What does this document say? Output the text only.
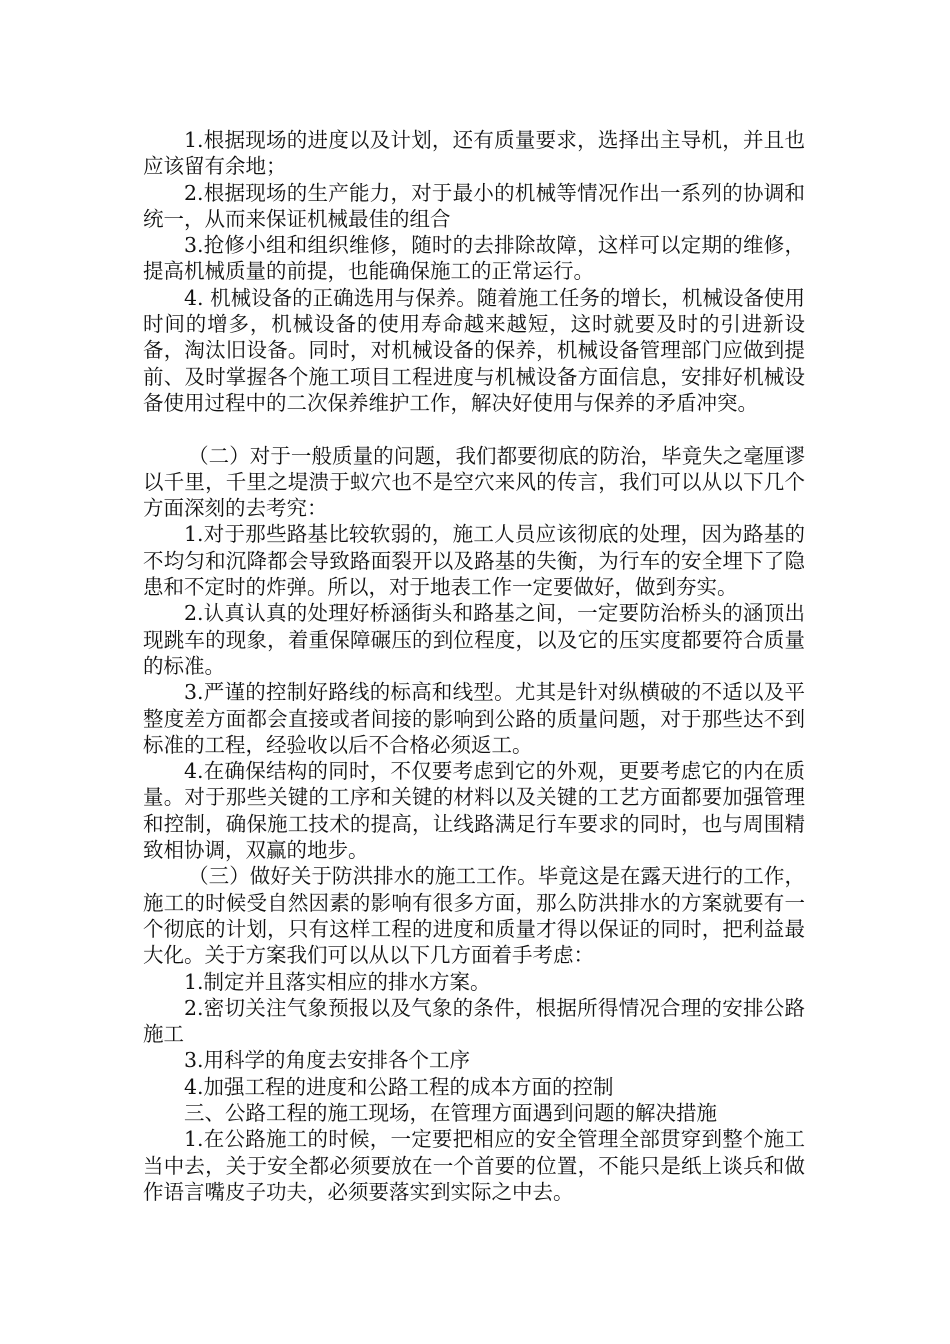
1.根据现场的进度以及计划，还有质量要求，选择出主导机，并且也应该留有余地；

2.根据现场的生产能力，对于最小的机械等情况作出一系列的协调和统一，从而来保证机械最佳的组合

3.抢修小组和组织维修，随时的去排除故障，这样可以定期的维修，提高机械质量的前提，也能确保施工的正常运行。

4. 机械设备的正确选用与保养。随着施工任务的增长，机械设备使用时间的增多，机械设备的使用寿命越来越短，这时就要及时的引进新设备，淘汰旧设备。同时，对机械设备的保养，机械设备管理部门应做到提前、及时掌握各个施工项目工程进度与机械设备方面信息，安排好机械设备使用过程中的二次保养维护工作，解决好使用与保养的矛盾冲突。

（二）对于一般质量的问题，我们都要彻底的防治，毕竟失之毫厘谬以千里，千里之堤溃于蚁穴也不是空穴来风的传言，我们可以从以下几个方面深刻的去考究：

1.对于那些路基比较软弱的，施工人员应该彻底的处理，因为路基的不均匀和沉降都会导致路面裂开以及路基的失衡，为行车的安全埋下了隐患和不定时的炸弹。所以，对于地表工作一定要做好，做到夯实。

2.认真认真的处理好桥涵街头和路基之间，一定要防治桥头的涵顶出现跳车的现象，着重保障碾压的到位程度，以及它的压实度都要符合质量的标准。

3.严谨的控制好路线的标高和线型。尤其是针对纵横破的不适以及平整度差方面都会直接或者间接的影响到公路的质量问题，对于那些达不到标准的工程，经验收以后不合格必须返工。

4.在确保结构的同时，不仅要考虑到它的外观，更要考虑它的内在质量。对于那些关键的工序和关键的材料以及关键的工艺方面都要加强管理和控制，确保施工技术的提高，让线路满足行车要求的同时，也与周围精致相协调，双赢的地步。

（三）做好关于防洪排水的施工工作。毕竟这是在露天进行的工作，施工的时候受自然因素的影响有很多方面，那么防洪排水的方案就要有一个彻底的计划，只有这样工程的进度和质量才得以保证的同时，把利益最大化。关于方案我们可以从以下几方面着手考虑：

1.制定并且落实相应的排水方案。

2.密切关注气象预报以及气象的条件，根据所得情况合理的安排公路施工

3.用科学的角度去安排各个工序

4.加强工程的进度和公路工程的成本方面的控制

三、公路工程的施工现场，在管理方面遇到问题的解决措施

1.在公路施工的时候，一定要把相应的安全管理全部贯穿到整个施工当中去，关于安全都必须要放在一个首要的位置，不能只是纸上谈兵和做作语言嘴皮子功夫，必须要落实到实际之中去。
